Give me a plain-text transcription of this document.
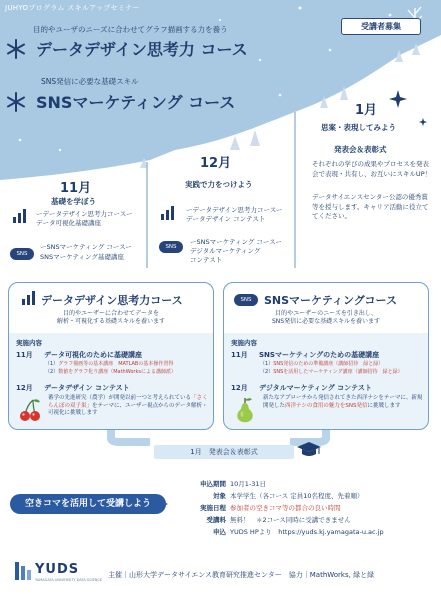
JUHYOプログラム スキルアップセミナー
受講者募集
目的やユーザのニーズに合わせてグラフ描画する力を養う
データデザイン思考力 コース
SNS発信に必要な基礎スキル
SNSマーケティング コース
11月
基礎を学ぼう
ーデータデザイン思考力コースー
データ可視化基礎講座
SNS
ーSNSマーケティング コースー
SNSマーケティング基礎講座
12月
実践で力をつけよう
ーデータデザイン思考力コースー
データデザイン コンテスト
SNS
ーSNSマーケティング コースー
デジタルマーケティング
コンテスト
1月
思案・表現してみよう
発表会＆表彰式
それぞれの学びの成果やプロセスを発表会で表現・共有し、お互いにスキルUP！
データサイエンスセンター公認の優秀賞等を授与します。キャリア活動に役立ててください。
データデザイン思考力コース
目的やユーザーに合わせてデータを
解析・可視化する基礎スキルを養います
実施内容
11月 データ可視化のために基礎講座
（1）グラフ描画等の基本講座　MATLABの基本操作習得
（2）数値をグラフ化り講座（MathWorksによる講師派）
12月 データデザイン コンテスト
蕃学の先進研究（農学）が開発以前一つと考えられている「さくらんぼの双子果」をテーマに、ユーザー視点からのデータ解析・可視化に挑戦します
SNS	SNSマーケティングコース
目的やユーザーのニーズを引き出し、
SNS発信に必要な基礎スキルを養います
実施内容
11月 SNSマーケティングのための基礎講座
（1）SNS発信のための準備講座（講師招待　緑と緑）
（2）SNSを活用したマーケティング講座（講師招待　緑と緑）
12月 デジタルマーケティング コンテスト
新たなアプローチから発信されてきた西洋ナシをテーマに、新規開発した西洋ナシの食用の魅力をSNS発信に挑戦します
1月　発表会＆表彰式
空きコマを活用して受講しよう
申込期間 10月1-31日
対象 本学学生（各コース 定員10名程度、先着順）
実施日程 参加者の空きコマ等の都合の良い時間
受講料 無料！　＊2コース同時に受講できません
申込 YUDS HPより　https://yuds.kj.yamagata-u.ac.jp
YUDS
YAMAGATA UNIVERSITY DATA SCIENCE
主催｜山形大学データサイエンス教育研究推進センター　協力｜MathWorks, 緑と緑
